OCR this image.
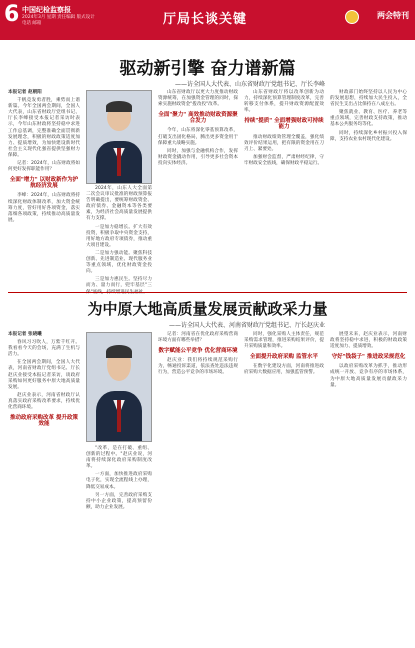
6 中国纪检监察报
2024年3月 星期 责任编辑 版式设计
电话 邮箱	厅局长谈关键	两会特刊
驱动新引擎 奋力谱新篇
——访全国人大代表、山东省财政厅党组书记、厅长李峰

本报记者 赵朝阳

千帆竞发勇者胜，乘势而上谱新篇。今年全国两会期间，全国人大代表，山东省财政厅党组书记、厅长李峰接受本报记者采访时表示，今年山东财政将坚持稳中求进工作总基调，完整准确全面贯彻新发展理念，积极的财政政策适度加力、提质增效，为加快建设新时代社会主义现代化强省提供坚强财力保障。

记者：2024年，山东财政将如何更好发挥职能作用？

全面"增力" 以财政新作为护航经济发展

李峰：2024年，山东财政将持续深化财政体制改革，加大资金统筹力度，管好用好各项资金，落实落细各项政策，持续推动高质量发展。

2024年，山东人大全面第二次会议审议批准的财政预算报告明确提出，要统筹财政资金、政府债券、金融资本等各类要素，为经济社会高质量发展提供有力支撑。

一是加力稳增长。扩大有效投资，积极争取中央资金支持，用好地方政府专项债券，推动重大项目建设。

二是加力强动能。聚焦科技创新、先进制造业、现代服务业等重点领域，优化财政资金投向。

三是加力惠民生。坚持尽力而为、量力而行，兜牢基层"三

山东省财政厅以更大力度推动财政资源统筹，在加强资金管理的同时，探索实施财政资金"拨改投"改革。

全面"聚力" 高效推动财政资源聚合发力

今年，山东将深化零基预算改革，打破支出固化格局，腾出更多资金用于保障重大战略实施。

同时，加强与金融机构合作，发挥财政资金撬动作用，引导更多社会资本投向实体经济。

山东省财政厅将以改革创新为动力，持续深化预算管理制度改革，完善转移支付体系，提升财政资源配置效率。

持续"提质" 全面增强财政可持续能力

推动财政绩效管理全覆盖，强化绩效评价结果运用，把有限的资金用在刀刃上、紧要处。

加强财会监督，严肃财经纪律，守牢财政安全底线，确保财政平稳运行。

财政部门始终坚持以人民为中心的发展思想，持续加大民生投入，全省民生支出占比保持在八成左右。

聚焦就业、教育、医疗、养老等重点领域，完善财政支持政策，推动基本公共服务均等化。

同时，持续深化乡村振兴投入保障，支持农业农村现代化建设。

为中原大地高质量发展贡献政采力量
——访全国人大代表、河南省财政厅党组书记、厅长赵庆业

本报记者 张晓曦

春风习习吹人，万紫千红开。我看看今天的会场，充满了生机与活力。

在全国两会期间，全国人大代表，河南省财政厅党组书记、厅长赵庆业接受本报记者采访，谈政府采购如何更好服务中原大地高质量发展。

赵庆业表示，河南省财政厅认真落实政府采购改革要求，持续优化营商环境。

推动政府采购改革 提升政策效能

"改革，是在打破、重组、创新的过程中。"赵庆业说，河南将持续深化政府采购制度改革。

一方面，加快推进政府采购电子化，实现全流程线上办理，降低交易成本。

另一方面，完善政府采购支持中小企业政策，提高预留份额，助力企业发展。

记者：河南省在优化政府采购营商环境方面有哪些举措？

数字赋能公平竞争 优化营商环境

赵庆业：我们将持续规范采购行为，畅通投诉渠道，依法查处违法违规行为，营造公平竞争的市场环境。

同时，强化采购人主体责任，规范采购需求管理，推进采购结果评价，提升采购质量和效率。

全面提升政府采购 监管水平

在数字化建设方面，河南将推进政府采购大数据应用，加强监管预警。

展望未来，赵庆业表示，河南财政将坚持稳中求进，积极的财政政策适度加力、提质增效。

守好"钱袋子" 推进政采规范化

以政府采购改革为抓手，推动形成统一开放、竞争有序的市场体系，为中原大地高质量发展贡献政采力量。
